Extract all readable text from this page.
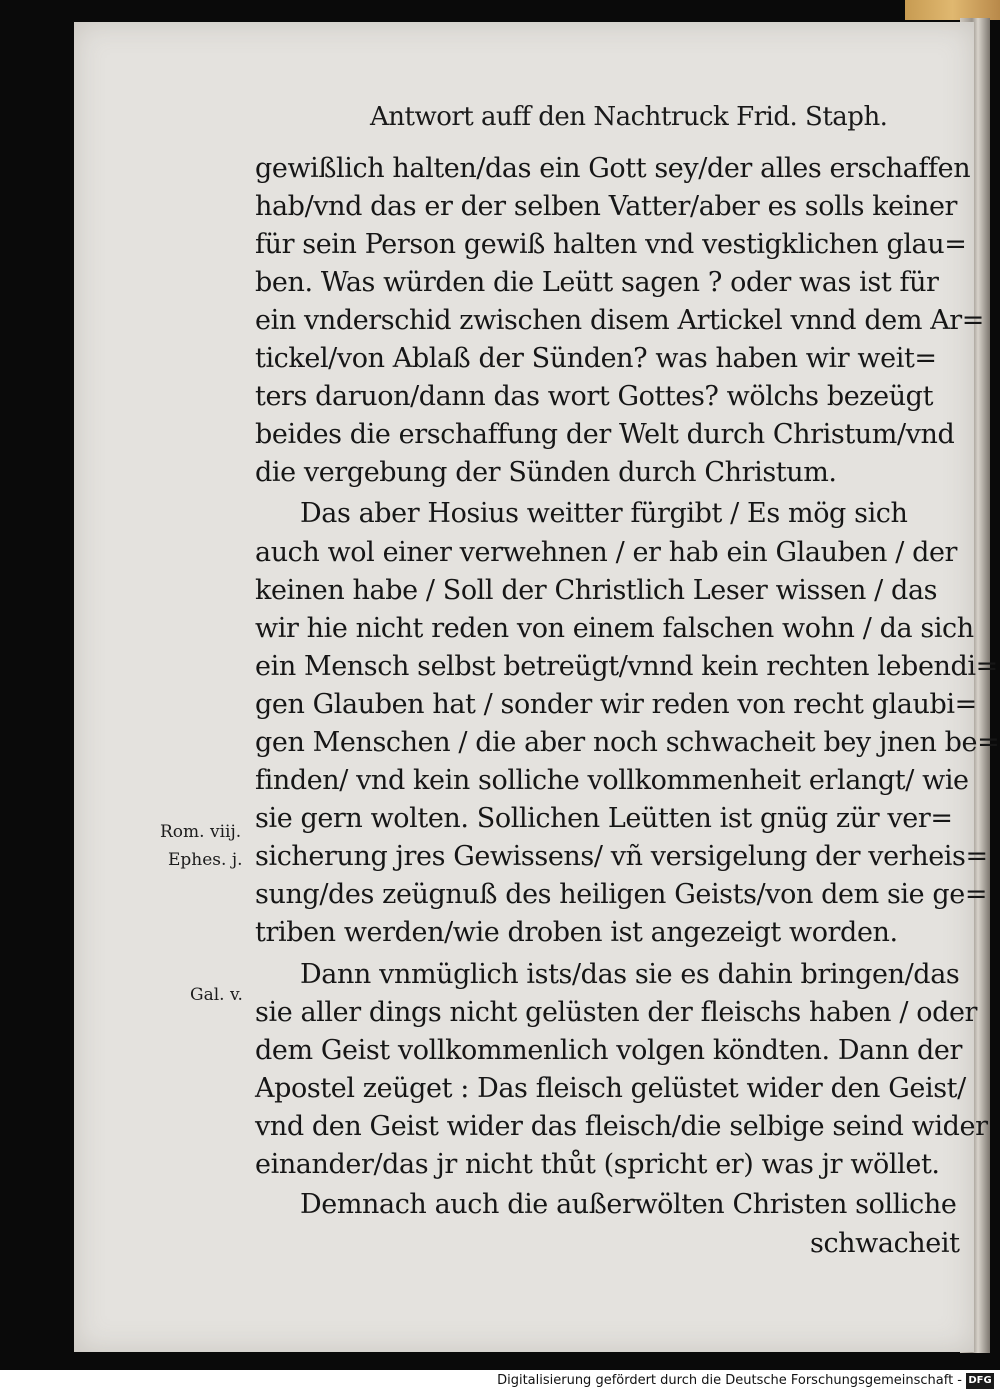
Antwort auff den Nachtruck Frid. Staph.
gewißlich halten/das ein Gott sey/der alles erschaffen
hab/vnd das er der selben Vatter/aber es solls keiner
für sein Person gewiß halten vnd vestigklichen glau=
ben. Was würden die Leütt sagen ? oder was ist für
ein vnderschid zwischen disem Artickel vnnd dem Ar=
tickel/von Ablaß der Sünden? was haben wir weit=
ters daruon/dann das wort Gottes? wölchs bezeügt
beides die erschaffung der Welt durch Christum/vnd
die vergebung der Sünden durch Christum.
Das aber Hosius weitter fürgibt / Es mög sich
auch wol einer verwehnen / er hab ein Glauben / der
keinen habe / Soll der Christlich Leser wissen / das
wir hie nicht reden von einem falschen wohn / da sich
ein Mensch selbst betreügt/vnnd kein rechten lebendi=
gen Glauben hat / sonder wir reden von recht glaubi=
gen Menschen / die aber noch schwacheit bey jnen be=
finden/ vnd kein solliche vollkommenheit erlangt/ wie
sie gern wolten. Sollichen Leütten ist gnüg zür ver=
sicherung jres Gewissens/ vñ versigelung der verheis=
sung/des zeügnuß des heiligen Geists/von dem sie ge=
triben werden/wie droben ist angezeigt worden.
Dann vnmüglich ists/das sie es dahin bringen/das
sie aller dings nicht gelüsten der fleischs haben / oder
dem Geist vollkommenlich volgen köndten. Dann der
Apostel zeüget : Das fleisch gelüstet wider den Geist/
vnd den Geist wider das fleisch/die selbige seind wider
einander/das jr nicht thůt (spricht er) was jr wöllet.
Demnach auch die außerwölten Christen solliche
schwacheit
Rom. viij.
Ephes. j.
Gal. v.
Digitalisierung gefördert durch die Deutsche Forschungsgemeinschaft - DFG
